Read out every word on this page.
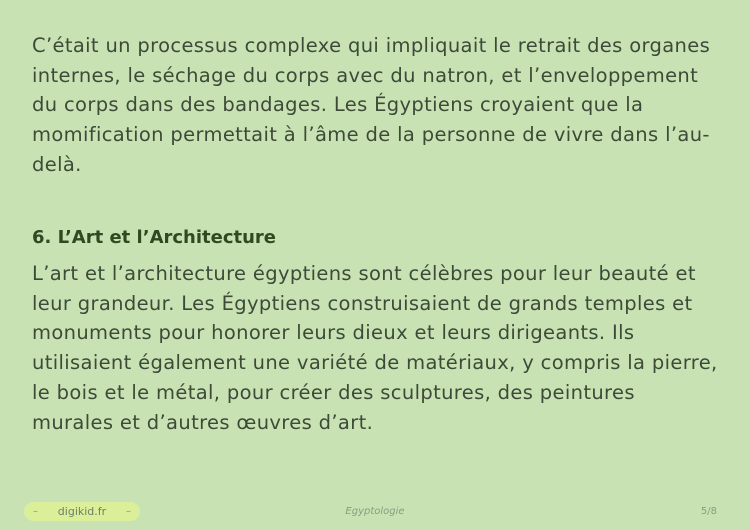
C’était un processus complexe qui impliquait le retrait des organes internes, le séchage du corps avec du natron, et l’enveloppement du corps dans des bandages. Les Égyptiens croyaient que la momification permettait à l’âme de la personne de vivre dans l’au-delà.

6. L’Art et l’Architecture

L’art et l’architecture égyptiens sont célèbres pour leur beauté et leur grandeur. Les Égyptiens construisaient de grands temples et monuments pour honorer leurs dieux et leurs dirigeants. Ils utilisaient également une variété de matériaux, y compris la pierre, le bois et le métal, pour créer des sculptures, des peintures murales et d’autres œuvres d’art.

– digikid.fr –	Egyptologie	5/8
